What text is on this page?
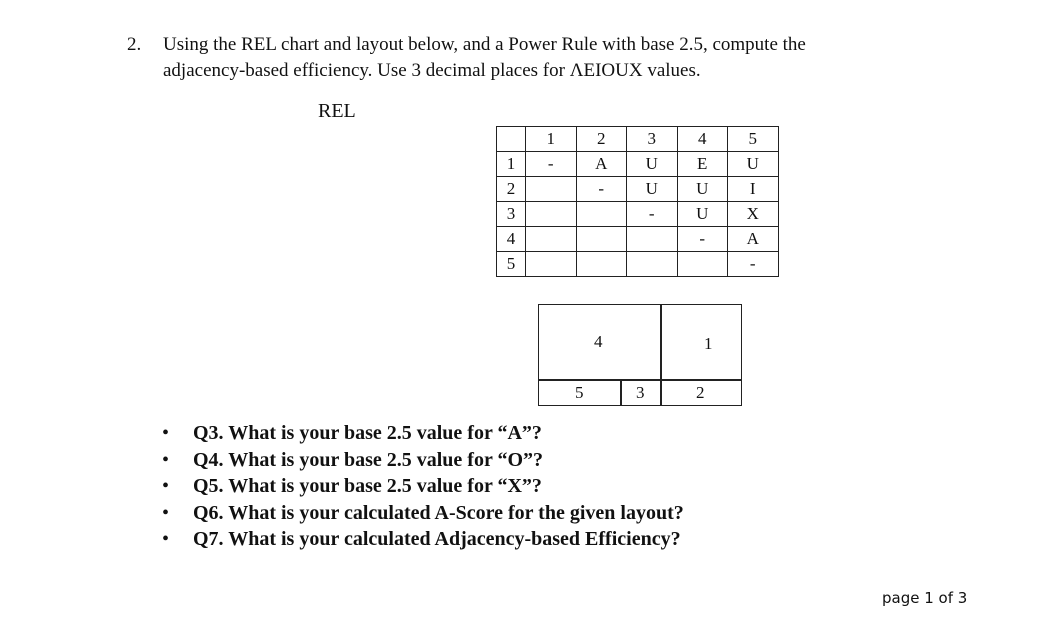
2. Using the REL chart and layout below, and a Power Rule with base 2.5, compute the
adjacency-based efficiency. Use 3 decimal places for ΛEIOUX values.
REL
	1	2	3	4	5
1	-	A	U	E	U
2		-	U	U	I
3			-	U	X
4				-	A
5					-
4	1
5	3	2
• Q3. What is your base 2.5 value for “A”?
• Q4. What is your base 2.5 value for “O”?
• Q5. What is your base 2.5 value for “X”?
• Q6. What is your calculated A-Score for the given layout?
• Q7. What is your calculated Adjacency-based Efficiency?
page 1 of 3
